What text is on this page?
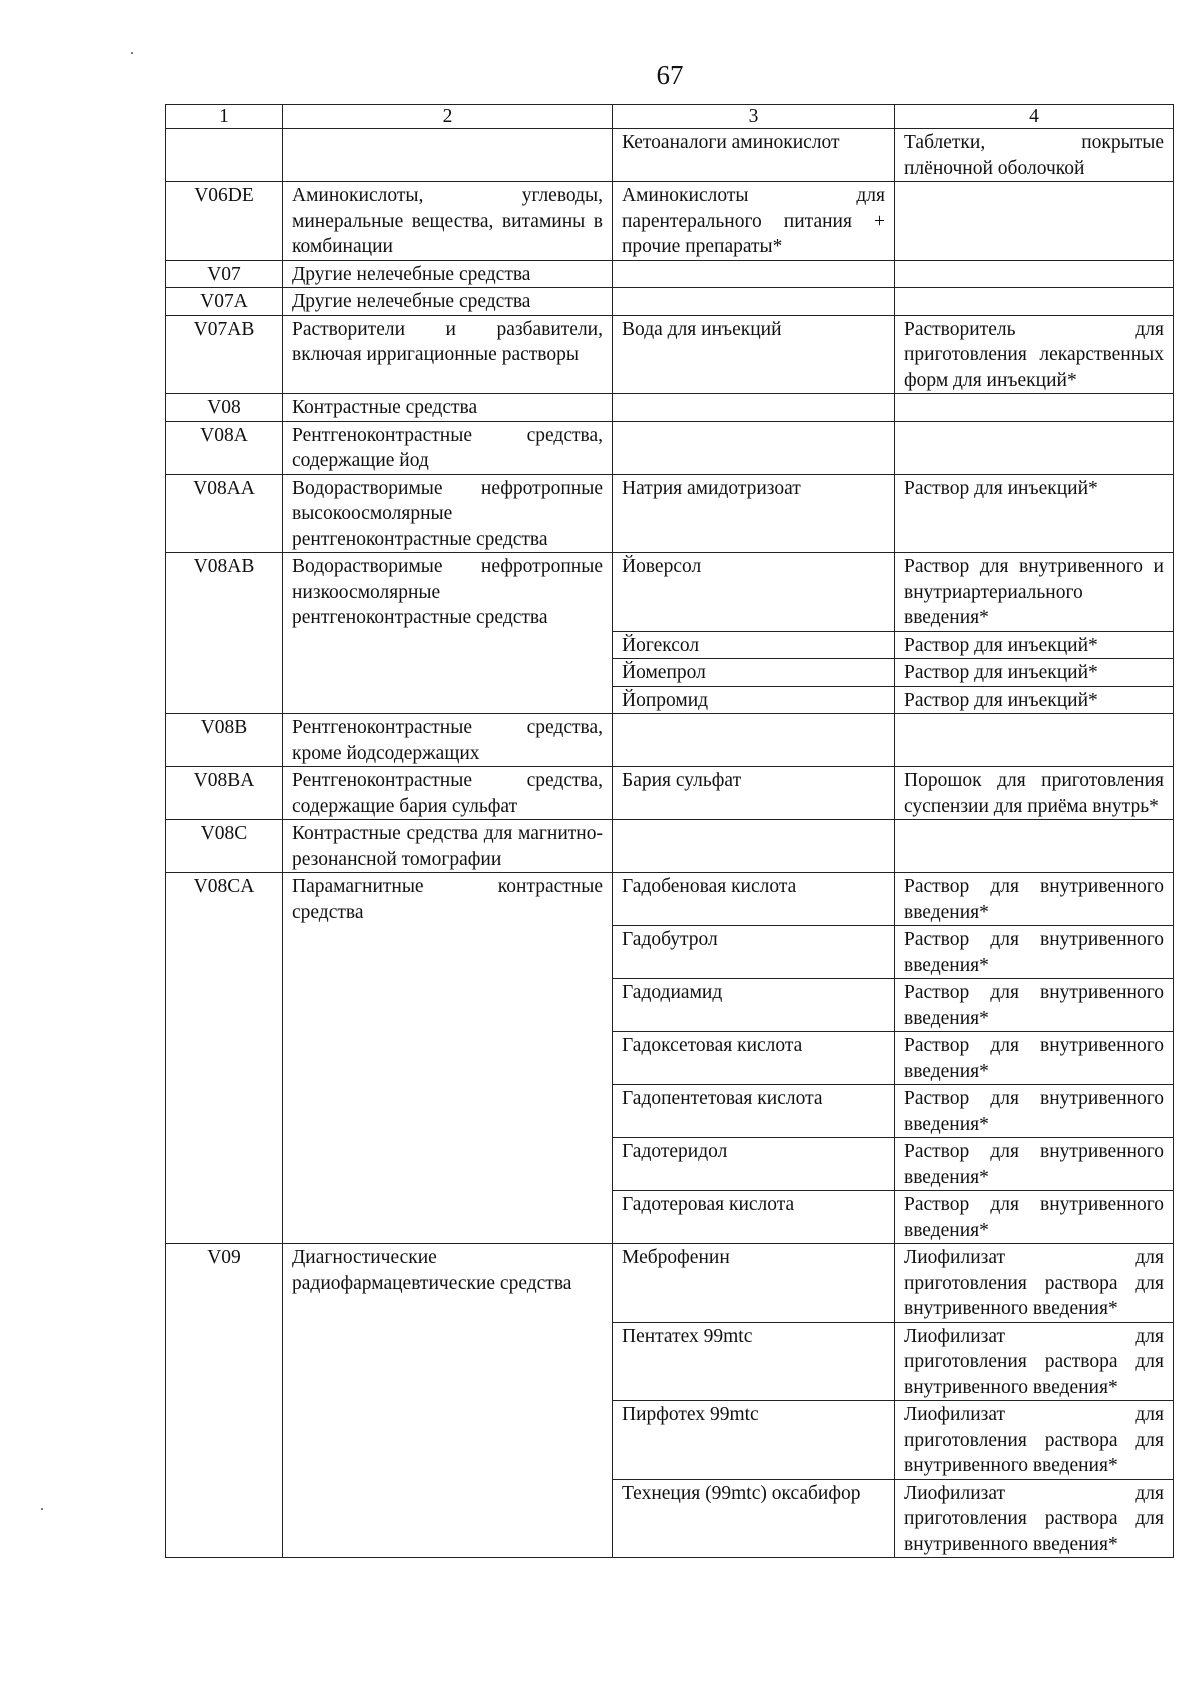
67
.
.
1	2	3	4
		Кетоаналоги аминокислот	Таблетки, покрытые плёночной оболочкой
V06DE	Аминокислоты, углеводы, минеральные вещества, витамины в комбинации	Аминокислоты для парентерального питания + прочие препараты*	
V07	Другие нелечебные средства		
V07A	Другие нелечебные средства		
V07AB	Растворители и разбавители, включая ирригационные растворы	Вода для инъекций	Растворитель для приготовления лекарственных форм для инъекций*
V08	Контрастные средства		
V08A	Рентгеноконтрастные средства, содержащие йод		
V08AA	Водорастворимые нефротропные высокоосмолярные рентгеноконтрастные средства	Натрия амидотризоат	Раствор для инъекций*
V08AB	Водорастворимые нефротропные низкоосмолярные рентгеноконтрастные средства	Йоверсол	Раствор для внутривенного и внутриартериального введения*
		Йогексол	Раствор для инъекций*
		Йомепрол	Раствор для инъекций*
		Йопромид	Раствор для инъекций*
V08B	Рентгеноконтрастные средства, кроме йодсодержащих		
V08BA	Рентгеноконтрастные средства, содержащие бария сульфат	Бария сульфат	Порошок для приготовления суспензии для приёма внутрь*
V08C	Контрастные средства для магнитно-резонансной томографии		
V08CA	Парамагнитные контрастные средства	Гадобеновая кислота	Раствор для внутривенного введения*
		Гадобутрол	Раствор для внутривенного введения*
		Гадодиамид	Раствор для внутривенного введения*
		Гадоксетовая кислота	Раствор для внутривенного введения*
		Гадопентетовая кислота	Раствор для внутривенного введения*
		Гадотеридол	Раствор для внутривенного введения*
		Гадотеровая кислота	Раствор для внутривенного введения*
V09	Диагностические радиофармацевтические средства	Меброфенин	Лиофилизат для приготовления раствора для внутривенного введения*
		Пентатех 99mtc	Лиофилизат для приготовления раствора для внутривенного введения*
		Пирфотех 99mtc	Лиофилизат для приготовления раствора для внутривенного введения*
		Технеция (99mtc) оксабифор	Лиофилизат для приготовления раствора для внутривенного введения*
